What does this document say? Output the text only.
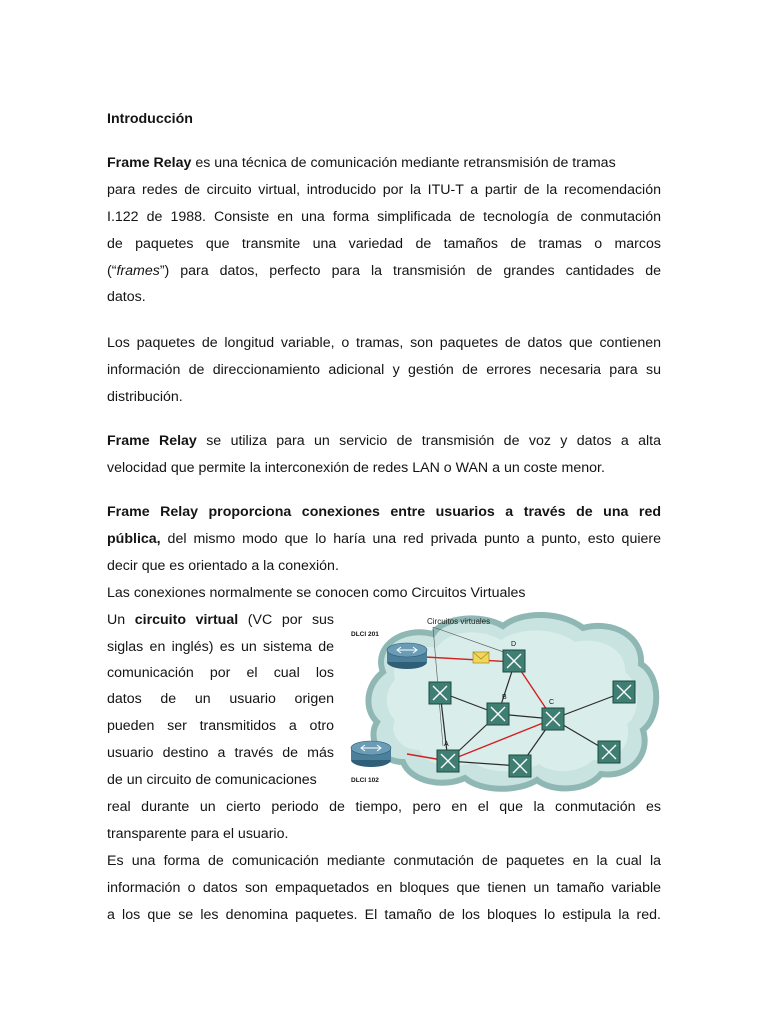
Introducción
Frame Relay es una técnica de comunicación mediante retransmisión de tramas
para redes de circuito virtual, introducido por la ITU-T a partir de la recomendación
I.122 de 1988. Consiste en una forma simplificada de tecnología de conmutación
de paquetes que transmite una variedad de tamaños de tramas o marcos
(“frames”) para datos, perfecto para la transmisión de grandes cantidades de
datos.
Los paquetes de longitud variable, o tramas, son paquetes de datos que contienen
información de direccionamiento adicional y gestión de errores necesaria para su
distribución.
Frame Relay se utiliza para un servicio de transmisión de voz y datos a alta
velocidad que permite la interconexión de redes LAN o WAN a un coste menor.
Frame Relay proporciona conexiones entre usuarios a través de una red
pública, del mismo modo que lo haría una red privada punto a punto, esto quiere
decir que es orientado a la conexión.
Las conexiones normalmente se conocen como Circuitos Virtuales
Un circuito virtual (VC por sus
siglas en inglés) es un sistema de
comunicación por el cual los
datos de un usuario origen
pueden ser transmitidos a otro
usuario destino a través de más
de un circuito de comunicaciones
real durante un cierto periodo de tiempo, pero en el que la conmutación es
transparente para el usuario.
Es una forma de comunicación mediante conmutación de paquetes en la cual la
información o datos son empaquetados en bloques que tienen un tamaño variable
a los que se les denomina paquetes. El tamaño de los bloques lo estipula la red.
Circuitos virtuales
D
B
C
A
DLCI 201
DLCI 102
